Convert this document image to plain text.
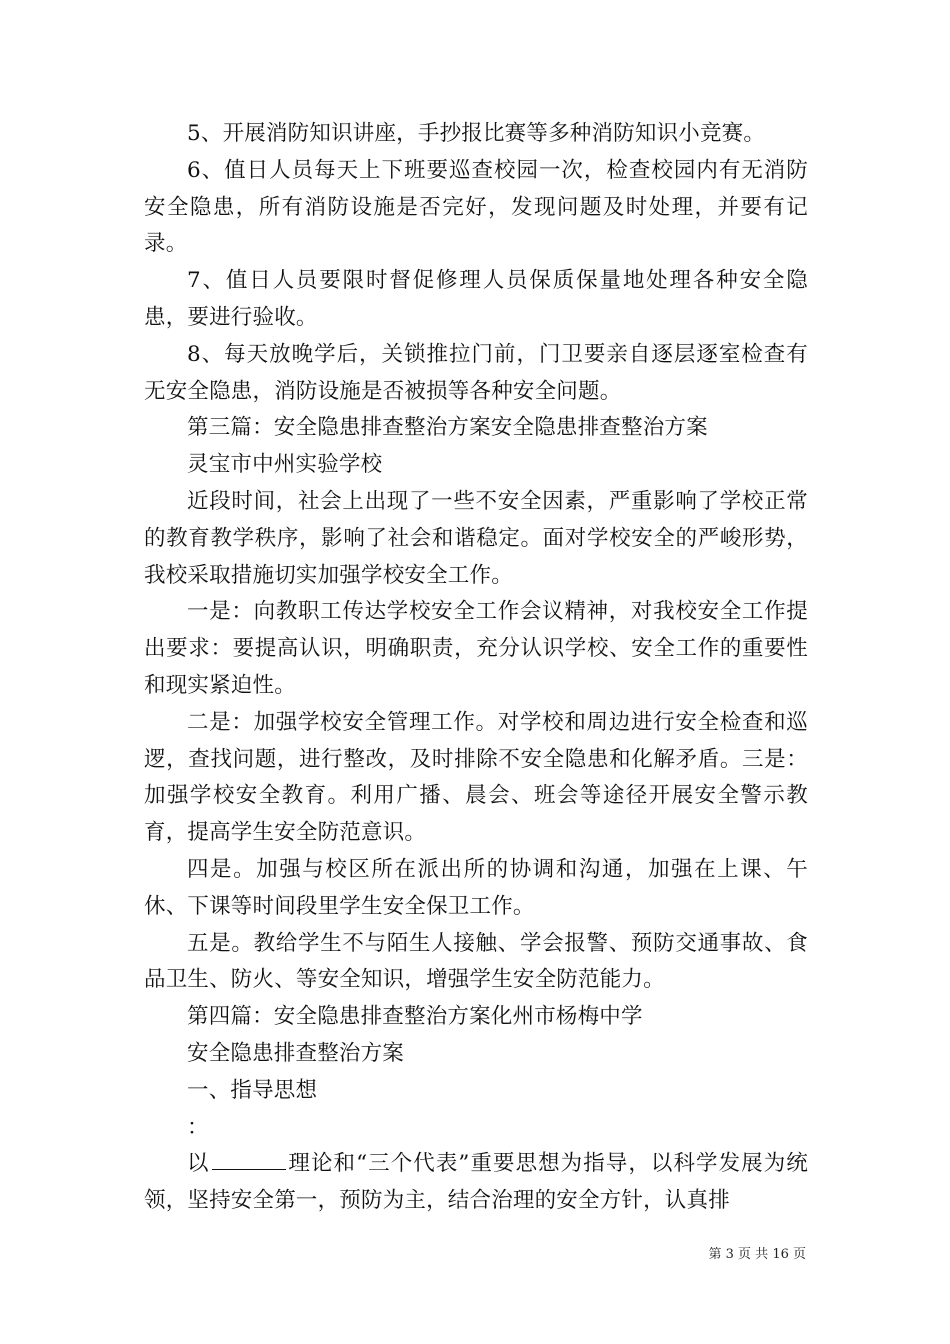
5、开展消防知识讲座，手抄报比赛等多种消防知识小竞赛。

6、值日人员每天上下班要巡查校园一次，检查校园内有无消防安全隐患，所有消防设施是否完好，发现问题及时处理，并要有记录。

7、值日人员要限时督促修理人员保质保量地处理各种安全隐患，要进行验收。

8、每天放晚学后，关锁推拉门前，门卫要亲自逐层逐室检查有无安全隐患，消防设施是否被损等各种安全问题。

第三篇：安全隐患排查整治方案安全隐患排查整治方案

灵宝市中州实验学校

近段时间，社会上出现了一些不安全因素，严重影响了学校正常的教育教学秩序，影响了社会和谐稳定。面对学校安全的严峻形势，我校采取措施切实加强学校安全工作。

一是：向教职工传达学校安全工作会议精神，对我校安全工作提出要求：要提高认识，明确职责，充分认识学校、安全工作的重要性和现实紧迫性。

二是：加强学校安全管理工作。对学校和周边进行安全检查和巡逻，查找问题，进行整改，及时排除不安全隐患和化解矛盾。三是：加强学校安全教育。利用广播、晨会、班会等途径开展安全警示教育，提高学生安全防范意识。

四是。加强与校区所在派出所的协调和沟通，加强在上课、午休、下课等时间段里学生安全保卫工作。

五是。教给学生不与陌生人接触、学会报警、预防交通事故、食品卫生、防火、等安全知识，增强学生安全防范能力。

第四篇：安全隐患排查整治方案化州市杨梅中学

安全隐患排查整治方案

一、指导思想

：

以	理论和“三个代表”重要思想为指导，以科学发展为统领，坚持安全第一，预防为主，结合治理的安全方针，认真排

第 3 页 共 16 页
